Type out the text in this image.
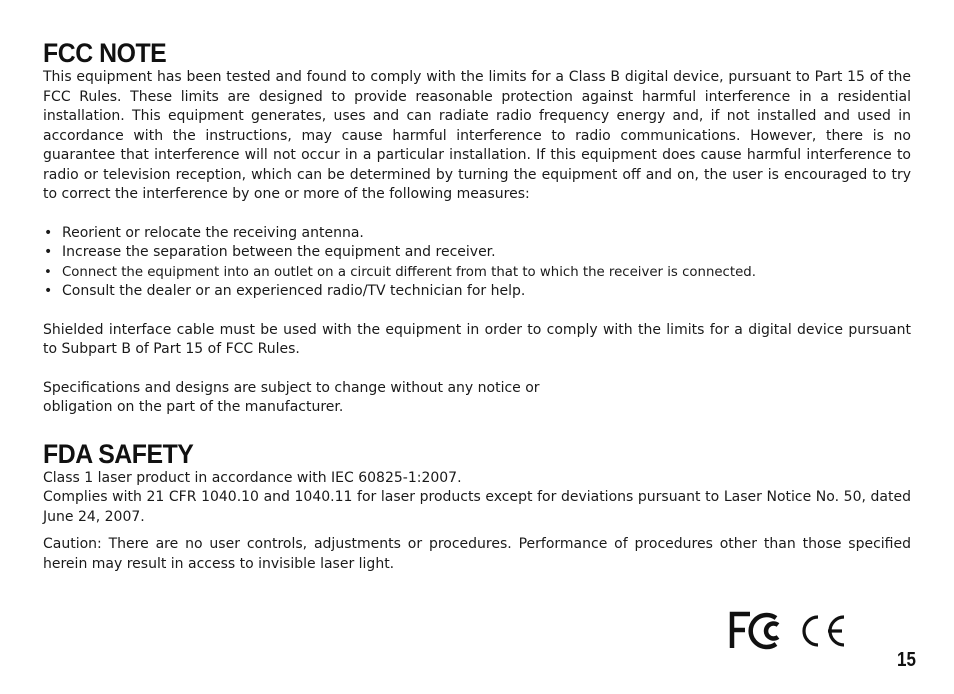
FCC NOTE

This equipment has been tested and found to comply with the limits for a Class B digital device, pursuant to Part 15 of the FCC Rules. These limits are designed to provide reasonable protection against harmful interference in a residential installation. This equipment generates, uses and can radiate radio frequency energy and, if not installed and used in accordance with the instructions, may cause harmful interference to radio communications. However, there is no guarantee that interference will not occur in a particular installation. If this equipment does cause harmful interference to radio or television reception, which can be determined by turning the equipment off and on, the user is encouraged to try to correct the interference by one or more of the following measures:

• Reorient or relocate the receiving antenna.
• Increase the separation between the equipment and receiver.
• Connect the equipment into an outlet on a circuit different from that to which the receiver is connected.
• Consult the dealer or an experienced radio/TV technician for help.

Shielded interface cable must be used with the equipment in order to comply with the limits for a digital device pursuant to Subpart B of Part 15 of FCC Rules.

Specifications and designs are subject to change without any notice or

obligation on the part of the manufacturer.

FDA SAFETY

Class 1 laser product in accordance with IEC 60825-1:2007.

Complies with 21 CFR 1040.10 and 1040.11 for laser products except for deviations pursuant to Laser Notice No. 50, dated June 24, 2007.

Caution: There are no user controls, adjustments or procedures. Performance of procedures other than those specified herein may result in access to invisible laser light.

15
